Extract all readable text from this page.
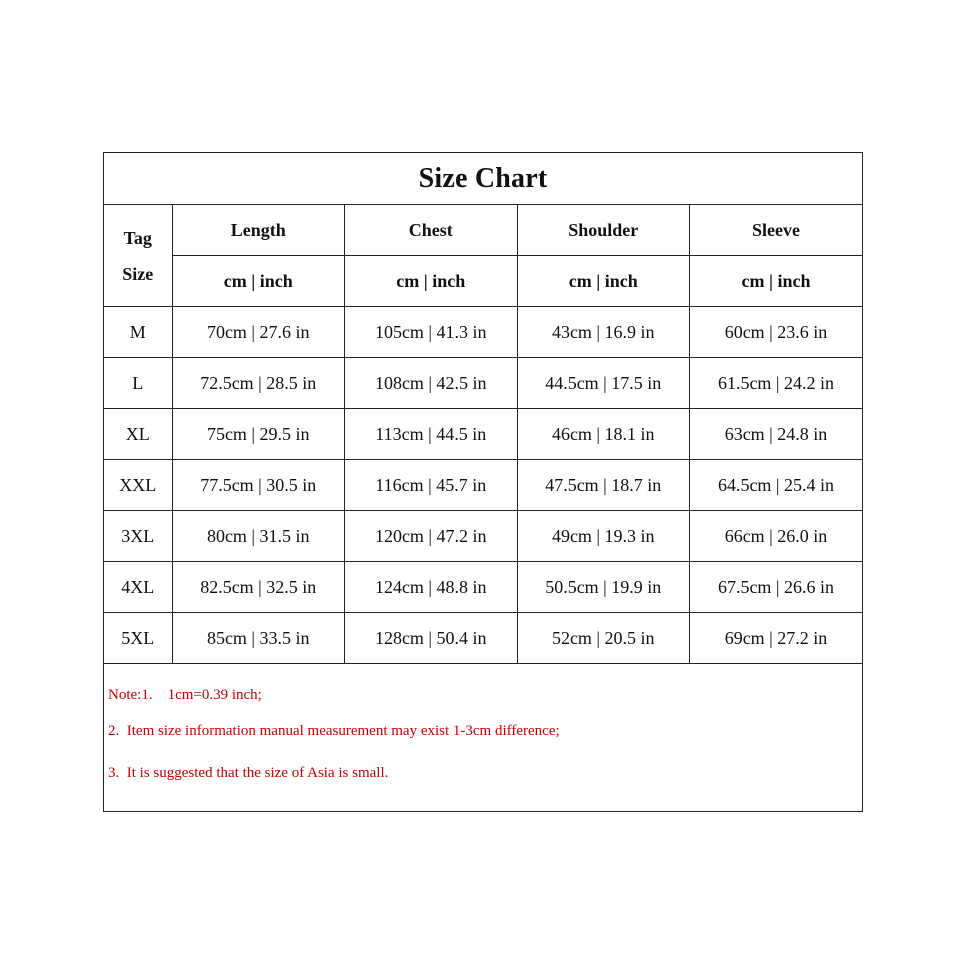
Size Chart
Tag
Size	Length	Chest	Shoulder	Sleeve
	cm | inch	cm | inch	cm | inch	cm | inch
M	70cm | 27.6 in	105cm | 41.3 in	43cm | 16.9 in	60cm | 23.6 in
L	72.5cm | 28.5 in	108cm | 42.5 in	44.5cm | 17.5 in	61.5cm | 24.2 in
XL	75cm | 29.5 in	113cm | 44.5 in	46cm | 18.1 in	63cm | 24.8 in
XXL	77.5cm | 30.5 in	116cm | 45.7 in	47.5cm | 18.7 in	64.5cm | 25.4 in
3XL	80cm | 31.5 in	120cm | 47.2 in	49cm | 19.3 in	66cm | 26.0 in
4XL	82.5cm | 32.5 in	124cm | 48.8 in	50.5cm | 19.9 in	67.5cm | 26.6 in
5XL	85cm | 33.5 in	128cm | 50.4 in	52cm | 20.5 in	69cm | 27.2 in
Note:1.    1cm=0.39 inch;
2.  Item size information manual measurement may exist 1-3cm difference;
3.  It is suggested that the size of Asia is small.
